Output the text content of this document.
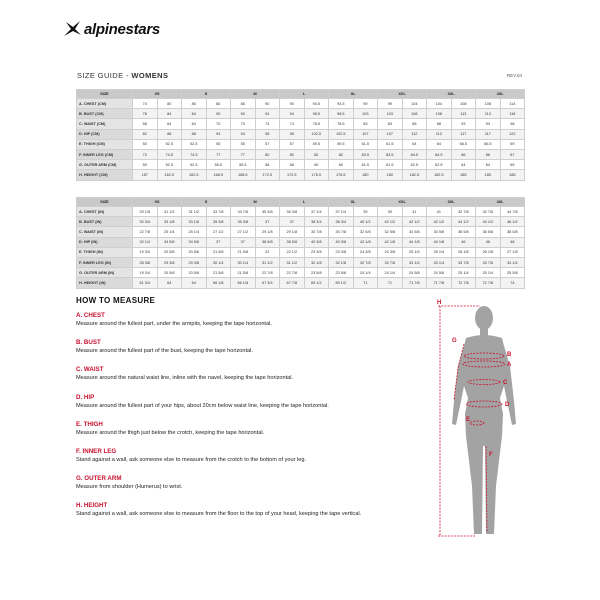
alpinestars
SIZE GUIDE - WOMENS	REV.04
SIZE	XS		S		M		L		XL		XXL		3XL		4XL	
A. CHEST (CM)	74	80	80	86	86	90	90	94.5	94.5	99	99	104	104	108	108	114
B. BUST (CM)	78	84	84	90	90	94	94	98.5	98.5	103	103	108	108	113	113	118
C. WAIST (CM)	58	64	64	70	70	74	74	78.5	78.5	83	83	88	88	93	93	98
D. HIP (CM)	82	88	88	94	94	98	98	102.5	102.5	107	107	112	112	117	117	122
E. THIGH (CM)	50	52.5	52.5	55	55	57	57	59.5	59.5	61.5	61.5	64	64	66.5	66.5	69
F. INNER LEG (CM)	72	74.5	74.5	77	77	80	80	82	82	83.5	83.5	84.5	84.5	86	86	87
G. OUTER ARM (CM)	50	52.5	52.5	55.5	55.5	58	58	60	60	61.5	61.5	62.5	62.5	64	64	65
H. HEIGHT (CM)	157	162.5	162.5	168.5	168.5	172.5	172.5	176.5	176.5	180	180	182.5	182.5	185	185	188
SIZE	XS		S		M		L		XL		XXL		3XL		4XL	
A. CHEST (IN)	29 1/8	31 1/2	31 1/2	33 7/8	33 7/8	35 3/8	35 3/8	37 1/4	37 1/4	39	39	41	41	42 7/8	42 7/8	44 7/8
B. BUST (IN)	30 3/4	33 1/8	33 1/8	35 3/8	35 3/8	37	37	38 3/4	38 3/4	40 1/2	40 1/2	42 1/2	42 1/2	44 1/2	44 1/2	46 1/2
C. WAIST (IN)	22 7/8	25 1/4	25 1/4	27 1/2	27 1/2	29 1/8	29 1/8	30 7/8	30 7/8	32 5/8	32 5/8	34 5/8	34 5/8	36 5/8	36 5/8	38 5/8
D. HIP (IN)	32 1/4	34 5/8	34 5/8	37	37	38 5/8	38 5/8	40 3/8	40 3/8	42 1/8	42 1/8	44 1/8	44 1/8	46	46	48
E. THIGH (IN)	19 3/4	20 5/8	20 5/8	21 5/8	21 5/8	22	22 1/2	23 3/8	23 3/8	24 3/8	24 3/8	25 1/4	25 1/4	26 1/8	26 1/8	27 1/8
F. INNER LEG (IN)	28 3/8	29 3/8	29 3/8	30 1/4	30 1/4	31 1/2	31 1/2	32 1/8	32 1/8	32 7/8	32 7/8	33 1/4	33 1/4	33 7/8	33 7/8	34 1/4
G. OUTER ARM (IN)	19 3/4	20 5/8	20 5/8	21 5/8	21 5/8	22 7/8	22 7/8	23 5/8	23 5/8	24 1/4	24 1/4	24 5/8	24 5/8	25 1/4	25 1/4	25 5/8
H. HEIGHT (IN)	61 3/4	64	64	66 1/8	66 1/8	67 3/4	67 7/8	69 1/2	69 1/2	71	71	71 7/8	71 7/8	72 7/8	72 7/8	74
HOW TO MEASURE
A. CHEST
Measure around the fullest part, under the armpits, keeping the tape horizontal.
B. BUST
Measure around the fullest part of the bust, keeping the tape horizontal.
C. WAIST
Measure around the natural waist line, inline with the navel, keeping the tape horizontal.
D. HIP
Measure around the fullest part of your hips, about 20cm below waist line, keeping the tape horizontal.
E. THIGH
Measure around the thigh just below the crotch, keeping the tape horizontal.
F. INNER LEG
Stand against a wall, ask someone else to measure from the crotch to the bottom of your leg.
G. OUTER ARM
Measure from shoulder (Humerus) to wrist.
H. HEIGHT
Stand against a wall, ask someone else to measure from the floor to the top of your head, keeping the tape vertical.
H
G
B
A
C
D
E
F
